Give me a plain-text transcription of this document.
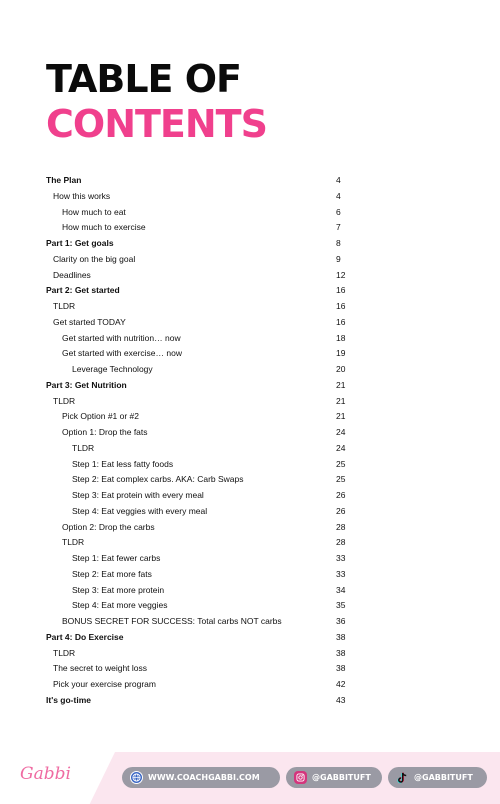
TABLE OF
CONTENTS
The Plan	4
How this works	4
How much to eat	6
How much to exercise	7
Part 1: Get goals	8
Clarity on the big goal	9
Deadlines	12
Part 2: Get started	16
TLDR	16
Get started TODAY	16
Get started with nutrition… now	18
Get started with exercise… now	19
Leverage Technology	20
Part 3: Get Nutrition	21
TLDR	21
Pick Option #1 or #2	21
Option 1: Drop the fats	24
TLDR	24
Step 1: Eat less fatty foods	25
Step 2: Eat complex carbs. AKA: Carb Swaps	25
Step 3: Eat protein with every meal	26
Step 4: Eat veggies with every meal	26
Option 2: Drop the carbs	28
TLDR	28
Step 1: Eat fewer carbs	33
Step 2: Eat more fats	33
Step 3: Eat more protein	34
Step 4: Eat more veggies	35
BONUS SECRET FOR SUCCESS: Total carbs NOT carbs	36
Part 4: Do Exercise	38
TLDR	38
The secret to weight loss	38
Pick your exercise program	42
It's go-time	43
Gabbi	WWW.COACHGABBI.COM	@GABBITUFT	@GABBITUFT
